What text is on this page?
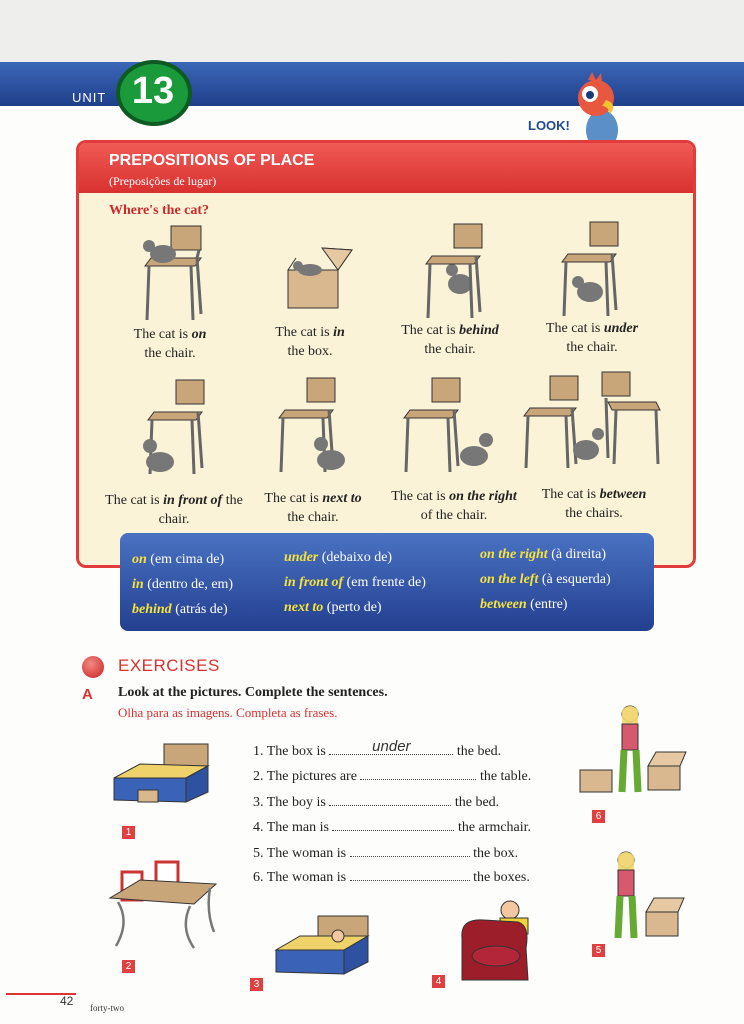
UNIT 13
LOOK!
PREPOSITIONS OF PLACE
(Preposições de lugar)
Where's the cat?
The cat is on
the chair.
The cat is in
the box.
The cat is behind
the chair.
The cat is under
the chair.
The cat is in front of the chair.
The cat is next to
the chair.
The cat is on the right of the chair.
The cat is between
the chairs.
on (em cima de)
in (dentro de, em)
behind (atrás de)
under (debaixo de)
in front of (em frente de)
next to (perto de)
on the right (à direita)
on the left (à esquerda)
between (entre)
EXERCISES
A Look at the pictures. Complete the sentences.
Olha para as imagens. Completa as frases.
1. The box is	under	the bed.
2. The pictures are	the table.
3. The boy is	the bed.
4. The man is	the armchair.
5. The woman is	the box.
6. The woman is	the boxes.
1
2
3	4
5
6
42 forty-two
